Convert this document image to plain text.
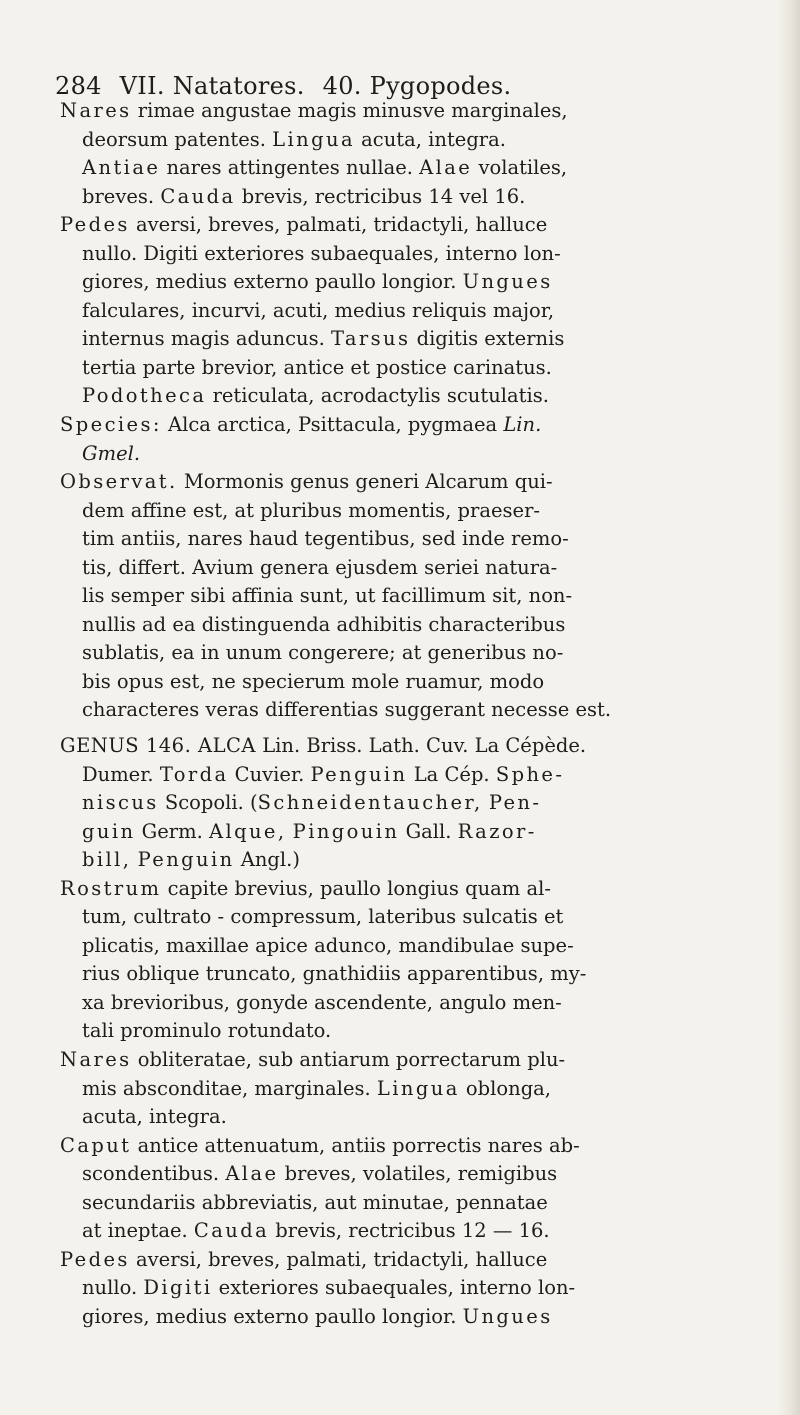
284 VII. Natatores. 40. Pygopodes.
Nares rimae angustae magis minusve marginales,
deorsum patentes. Lingua acuta, integra.
Antiae nares attingentes nullae. Alae volatiles,
breves. Cauda brevis, rectricibus 14 vel 16.
Pedes aversi, breves, palmati, tridactyli, halluce
nullo. Digiti exteriores subaequales, interno lon-
giores, medius externo paullo longior. Ungues
falculares, incurvi, acuti, medius reliquis major,
internus magis aduncus. Tarsus digitis externis
tertia parte brevior, antice et postice carinatus.
Podotheca reticulata, acrodactylis scutulatis.
Species: Alca arctica, Psittacula, pygmaea Lin.
Gmel.
Observat. Mormonis genus generi Alcarum qui-
dem affine est, at pluribus momentis, praeser-
tim antiis, nares haud tegentibus, sed inde remo-
tis, differt. Avium genera ejusdem seriei natura-
lis semper sibi affinia sunt, ut facillimum sit, non-
nullis ad ea distinguenda adhibitis characteribus
sublatis, ea in unum congerere; at generibus no-
bis opus est, ne specierum mole ruamur, modo
characteres veras differentias suggerant necesse est.
GENUS 146. ALCA Lin. Briss. Lath. Cuv. La Cépède.
Dumer. Torda Cuvier. Penguin La Cép. Sphe-
niscus Scopoli. (Schneidentaucher, Pen-
guin Germ. Alque, Pingouin Gall. Razor-
bill, Penguin Angl.)
Rostrum capite brevius, paullo longius quam al-
tum, cultrato - compressum, lateribus sulcatis et
plicatis, maxillae apice adunco, mandibulae supe-
rius oblique truncato, gnathidiis apparentibus, my-
xa brevioribus, gonyde ascendente, angulo men-
tali prominulo rotundato.
Nares obliteratae, sub antiarum porrectarum plu-
mis absconditae, marginales. Lingua oblonga,
acuta, integra.
Caput antice attenuatum, antiis porrectis nares ab-
scondentibus. Alae breves, volatiles, remigibus
secundariis abbreviatis, aut minutae, pennatae
at ineptae. Cauda brevis, rectricibus 12 — 16.
Pedes aversi, breves, palmati, tridactyli, halluce
nullo. Digiti exteriores subaequales, interno lon-
giores, medius externo paullo longior. Ungues
